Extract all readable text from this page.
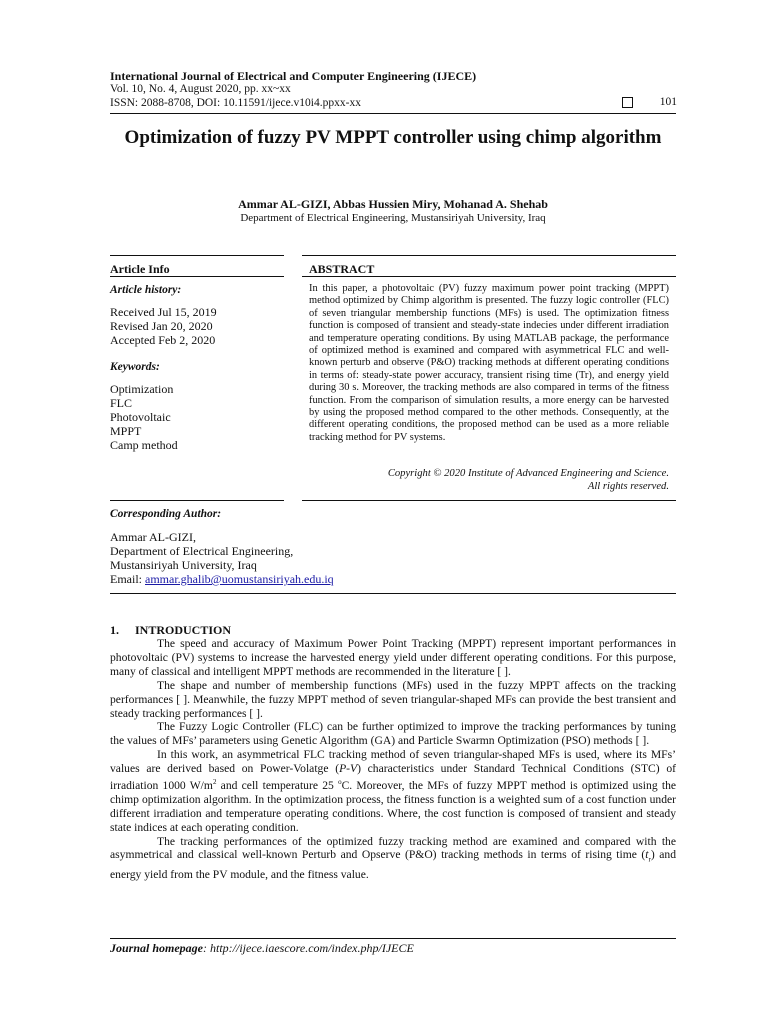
International Journal of Electrical and Computer Engineering (IJECE)
Vol. 10, No. 4, August 2020, pp. xx~xx
ISSN: 2088-8708, DOI: 10.11591/ijece.v10i4.ppxx-xx	101
Optimization of fuzzy PV MPPT controller using chimp algorithm
Ammar AL-GIZI, Abbas Hussien Miry, Mohanad A. Shehab
Department of Electrical Engineering, Mustansiriyah University, Iraq
Article Info
Article history:
Received Jul 15, 2019
Revised Jan 20, 2020
Accepted Feb 2, 2020
Keywords:
Optimization
FLC
Photovoltaic
MPPT
Camp method
ABSTRACT
In this paper, a photovoltaic (PV) fuzzy maximum power point tracking (MPPT) method optimized by Chimp algorithm is presented. The fuzzy logic controller (FLC) of seven triangular membership functions (MFs) is used. The optimization fitness function is composed of transient and steady-state indecies under different irradiation and temperature operating conditions. By using MATLAB package, the performance of optimized method is examined and compared with asymmetrical FLC and well-known perturb and observe (P&O) tracking methods at different operating conditions in terms of: steady-state power accuracy, transient rising time (Tr), and energy yield during 30 s. Moreover, the tracking methods are also compared in terms of the fitness function. From the comparison of simulation results, a more energy can be harvested by using the proposed method compared to the other methods. Consequently, at the different operating conditions, the proposed method can be used as a more reliable tracking method for PV systems.
Copyright © 2020 Institute of Advanced Engineering and Science.
All rights reserved.
Corresponding Author:
Ammar AL-GIZI,
Department of Electrical Engineering,
Mustansiriyah University, Iraq
Email: ammar.ghalib@uomustansiriyah.edu.iq
1. INTRODUCTION

The speed and accuracy of Maximum Power Point Tracking (MPPT) represent important performances in photovoltaic (PV) systems to increase the harvested energy yield under different operating conditions. For this purpose, many of classical and intelligent MPPT methods are recommended in the literature [ ].

The shape and number of membership functions (MFs) used in the fuzzy MPPT affects on the tracking performances [ ]. Meanwhile, the fuzzy MPPT method of seven triangular-shaped MFs can provide the best transient and steady tracking performances [ ].

The Fuzzy Logic Controller (FLC) can be further optimized to improve the tracking performances by tuning the values of MFs’ parameters using Genetic Algorithm (GA) and Particle Swarmn Optimization (PSO) methods [ ].

In this work, an asymmetrical FLC tracking method of seven triangular-shaped MFs is used, where its MFs’ values are derived based on Power-Volatge (P-V) characteristics under Standard Technical Conditions (STC) of irradiation 1000 $W/m^2$ and cell temperature 25 $^o$C. Moreover, the MFs of fuzzy MPPT method is optimized using the chimp optimization algorithm. In the optimization process, the fitness function is a weighted sum of a cost function under different irradiation and temperature operating conditions. Where, the cost function is composed of transient and steady state indices at each operating condition.

The tracking performances of the optimized fuzzy tracking method are examined and compared with the asymmetrical and classical well-known Perturb and Opserve (P&O) tracking methods in terms of rising time $(t_r)$ and energy yield from the PV module, and the fitness value.

Journal homepage: http://ijece.iaescore.com/index.php/IJECE
